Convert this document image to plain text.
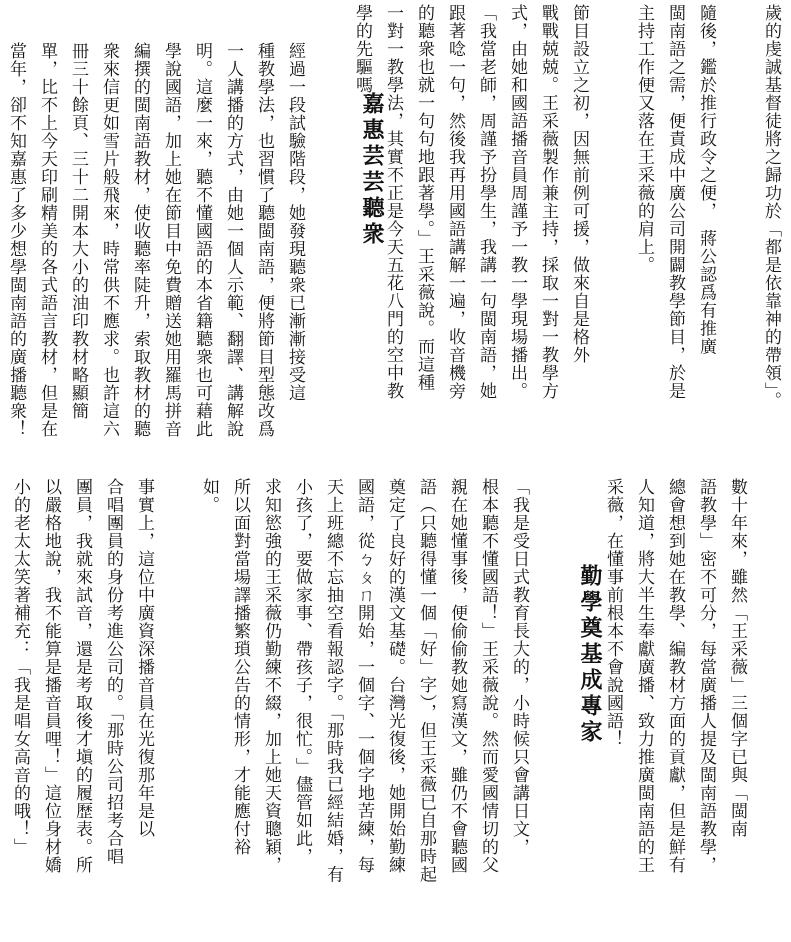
歲的虔誠基督徒將之歸功於「都是依靠神的帶領」。
隨後，鑑於推行政令之便，　蔣公認爲有推廣
閩南語之需，便責成中廣公司開闢教學節目，於是
主持工作便又落在王采薇的肩上。
節目設立之初，因無前例可援，做來自是格外
戰戰兢兢。王采薇製作兼主持，採取一對一教學方
式，由她和國語播音員周謹予一教一學現場播出。
「我當老師，周謹予扮學生，我講一句閩南語，她
跟著唸一句，然後我再用國語講解一遍，收音機旁
的聽衆也就一句句地跟著學。」王采薇說。而這種
一對一教學法，其實不正是今天五花八門的空中教
學的先驅嗎？
嘉惠芸芸聽衆
經過一段試驗階段，她發現聽衆已漸漸接受這
種教學法，也習慣了聽閩南語，便將節目型態改爲
一人講播的方式，由她一個人示範、翻譯、講解說
明。這麼一來，聽不懂國語的本省籍聽衆也可藉此
學說國語，加上她在節目中免費贈送她用羅馬拼音
編撰的閩南語教材，使收聽率陡升，索取教材的聽
衆來信更如雪片般飛來，時常供不應求。也許這六
冊三十餘頁、三十二開本大小的油印教材略顯簡
單，比不上今天印刷精美的各式語言教材，但是在
當年，卻不知嘉惠了多少想學閩南語的廣播聽衆！
數十年來，雖然「王采薇」三個字已與「閩南
語教學」密不可分，每當廣播人提及閩南語教學，
總會想到她在教學、編教材方面的貢獻，但是鮮有
人知道，將大半生奉獻廣播、致力推廣閩南語的王
采薇，在懂事前根本不會說國語！
勤學奠基成專家
「我是受日式教育長大的，小時候只會講日文，
根本聽不懂國語！」王采薇說。然而愛國情切的父
親在她懂事後，便偷偷教她寫漢文，雖仍不會聽國
語（只聽得懂一個「好」字），但王采薇已自那時起
奠定了良好的漢文基礎。台灣光復後，她開始勤練
國語，從ㄅㄆㄇ開始，一個字、一個字地苦練，每
天上班總不忘抽空看報認字。「那時我已經結婚，有
小孩了，要做家事、帶孩子，很忙。」儘管如此，
求知慾強的王采薇仍勤練不綴，加上她天資聰穎，
所以面對當場譯播繁瑣公告的情形，才能應付裕
如。
事實上，這位中廣資深播音員在光復那年是以
合唱團員的身份考進公司的。「那時公司招考合唱
團員，我就來試音，還是考取後才塡的履歷表。所
以嚴格地說，我不能算是播音員哩！」這位身材嬌
小的老太太笑著補充：「我是唱女高音的哦！」
